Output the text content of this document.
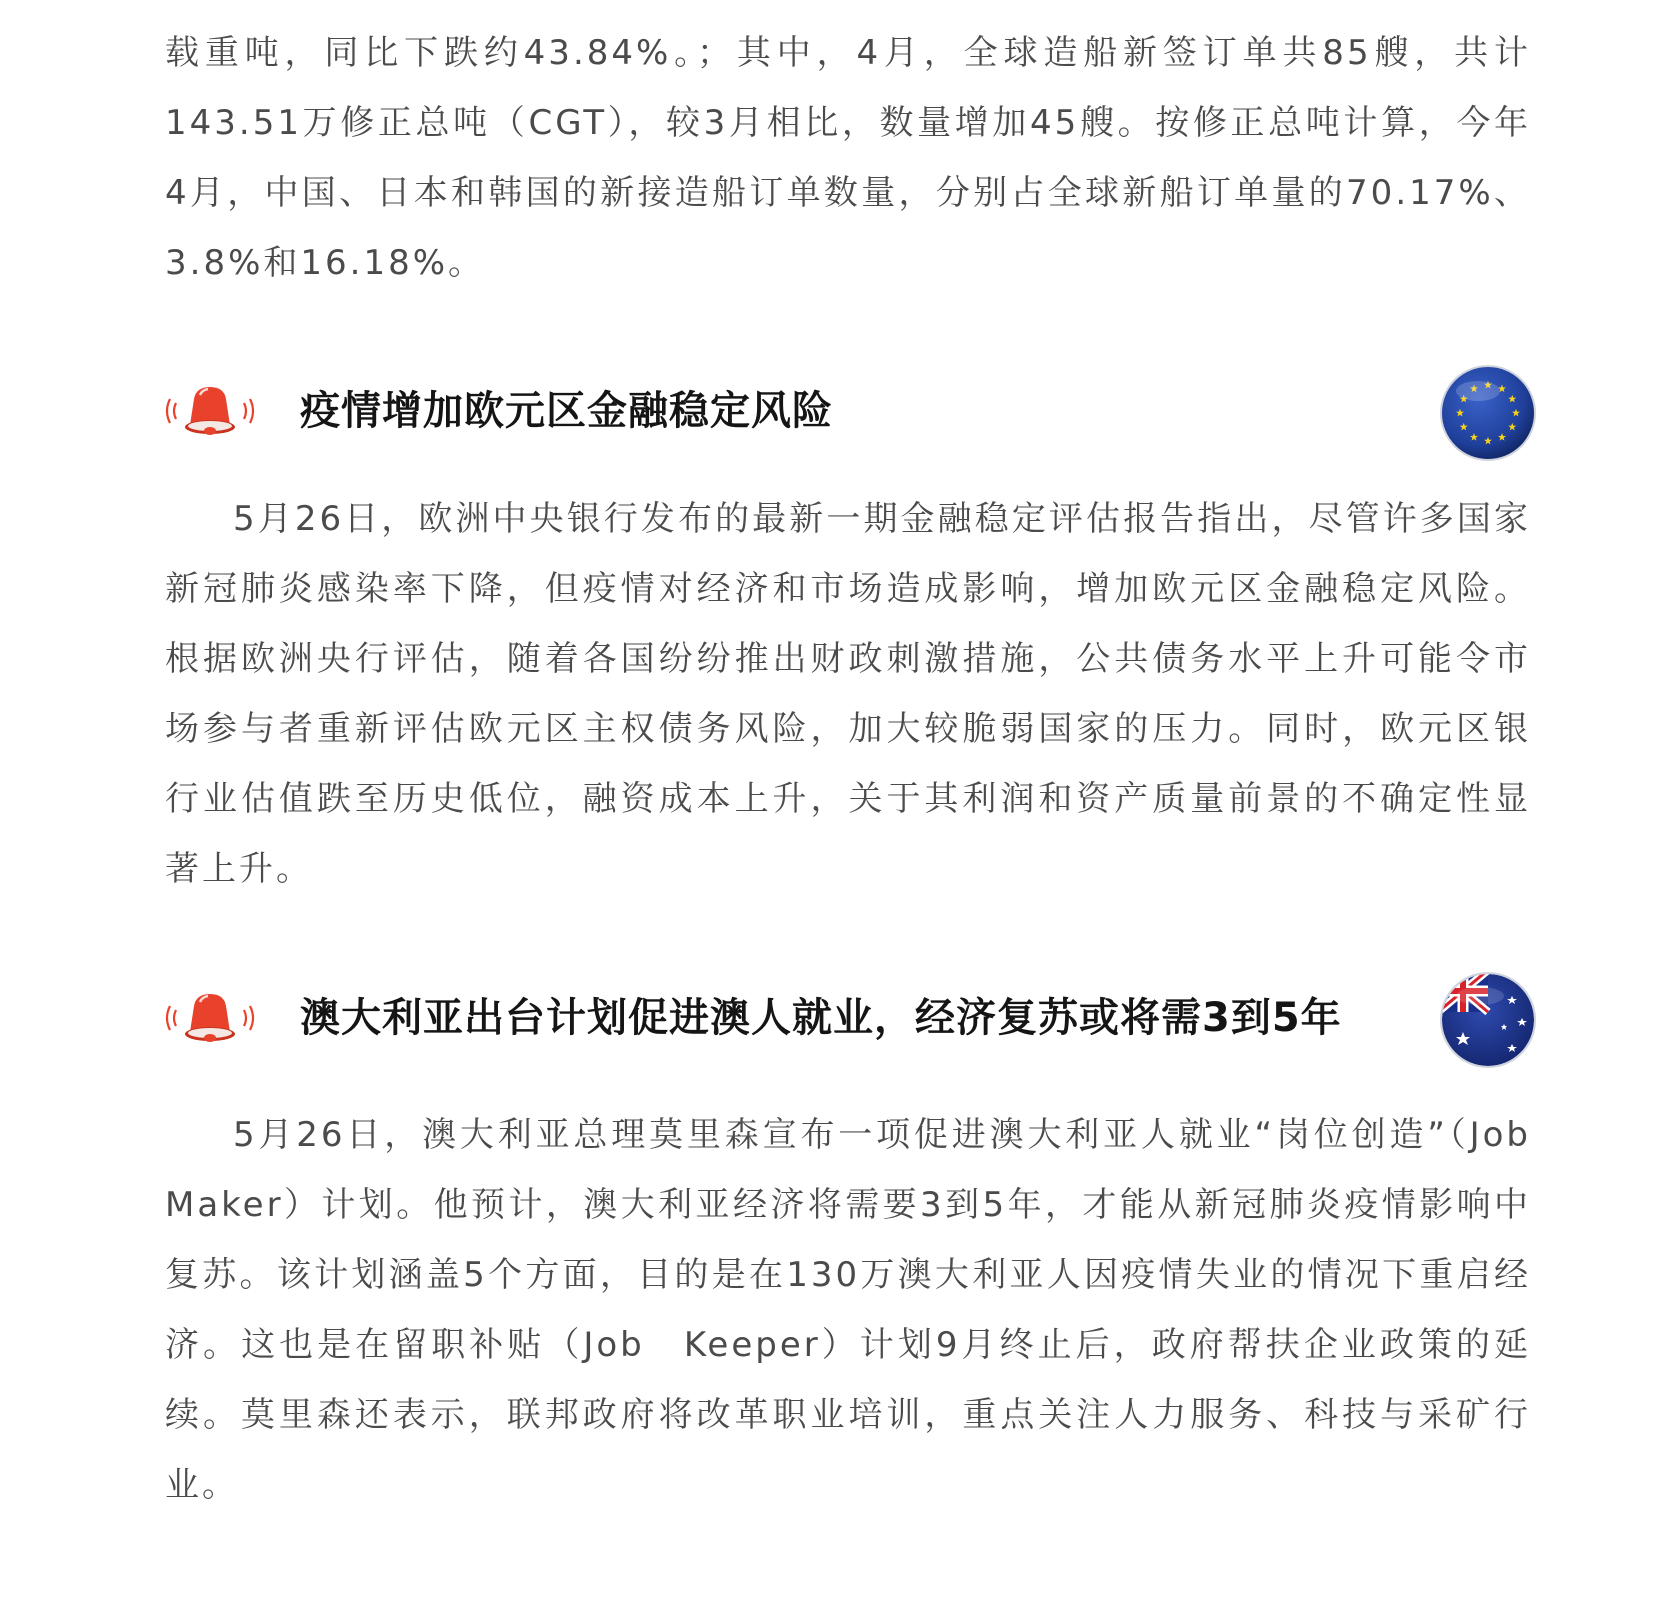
载重吨，同比下跌约43.84%。；其中，4月，全球造船新签订单共85艘，共计143.51万修正总吨（CGT），较3月相比，数量增加45艘。按修正总吨计算，今年4月，中国、日本和韩国的新接造船订单数量，分别占全球新船订单量的70.17%、3.8%和16.18%。

疫情增加欧元区金融稳定风险

5月26日，欧洲中央银行发布的最新一期金融稳定评估报告指出，尽管许多国家新冠肺炎感染率下降，但疫情对经济和市场造成影响，增加欧元区金融稳定风险。根据欧洲央行评估，随着各国纷纷推出财政刺激措施，公共债务水平上升可能令市场参与者重新评估欧元区主权债务风险，加大较脆弱国家的压力。同时，欧元区银行业估值跌至历史低位，融资成本上升，关于其利润和资产质量前景的不确定性显著上升。

澳大利亚出台计划促进澳人就业，经济复苏或将需3到5年

5月26日，澳大利亚总理莫里森宣布一项促进澳大利亚人就业“岗位创造”（Job　Maker）计划。他预计，澳大利亚经济将需要3到5年，才能从新冠肺炎疫情影响中复苏。该计划涵盖5个方面，目的是在130万澳大利亚人因疫情失业的情况下重启经济。这也是在留职补贴（Job　Keeper）计划9月终止后，政府帮扶企业政策的延续。莫里森还表示，联邦政府将改革职业培训，重点关注人力服务、科技与采矿行业。
